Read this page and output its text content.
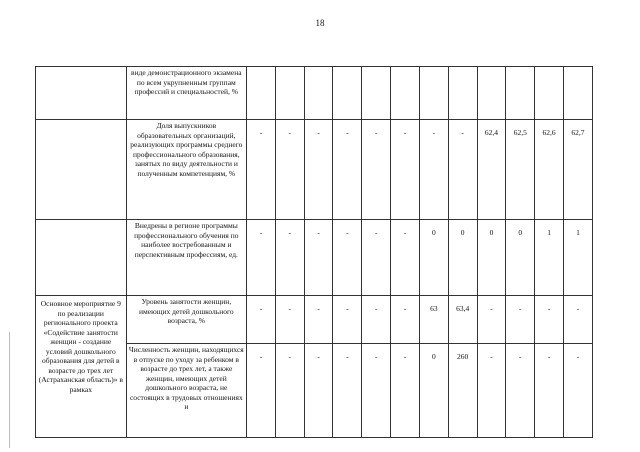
18
	виде демонстрационного экзамена по всем укрупненным группам профессий и специальностей, %												
	Доля выпускников образовательных организаций, реализующих программы среднего профессионального образования, занятых по виду деятельности и полученным компетенциям, %	-	-	-	-	-	-	-	-	62,4	62,5	62,6	62,7
	Внедрены в регионе программы профессионального обучения по наиболее востребованным и перспективным профессиям, ед.	-	-	-	-	-	-	0	0	0	0	1	1
Основное мероприятие 9 по реализации регионального проекта «Содействие занятости женщин - создание условий дошкольного образования для детей в возрасте до трех лет (Астраханская область)» в рамках	Уровень занятости женщин, имеющих детей дошкольного возраста, %	-	-	-	-	-	-	63	63,4	-	-	-	-
	Численность женщин, находящихся в отпуске по уходу за ребенком в возрасте до трех лет, а также женщин, имеющих детей дошкольного возраста, не состоящих в трудовых отношениях и	-	-	-	-	-	-	0	260	-	-	-	-
